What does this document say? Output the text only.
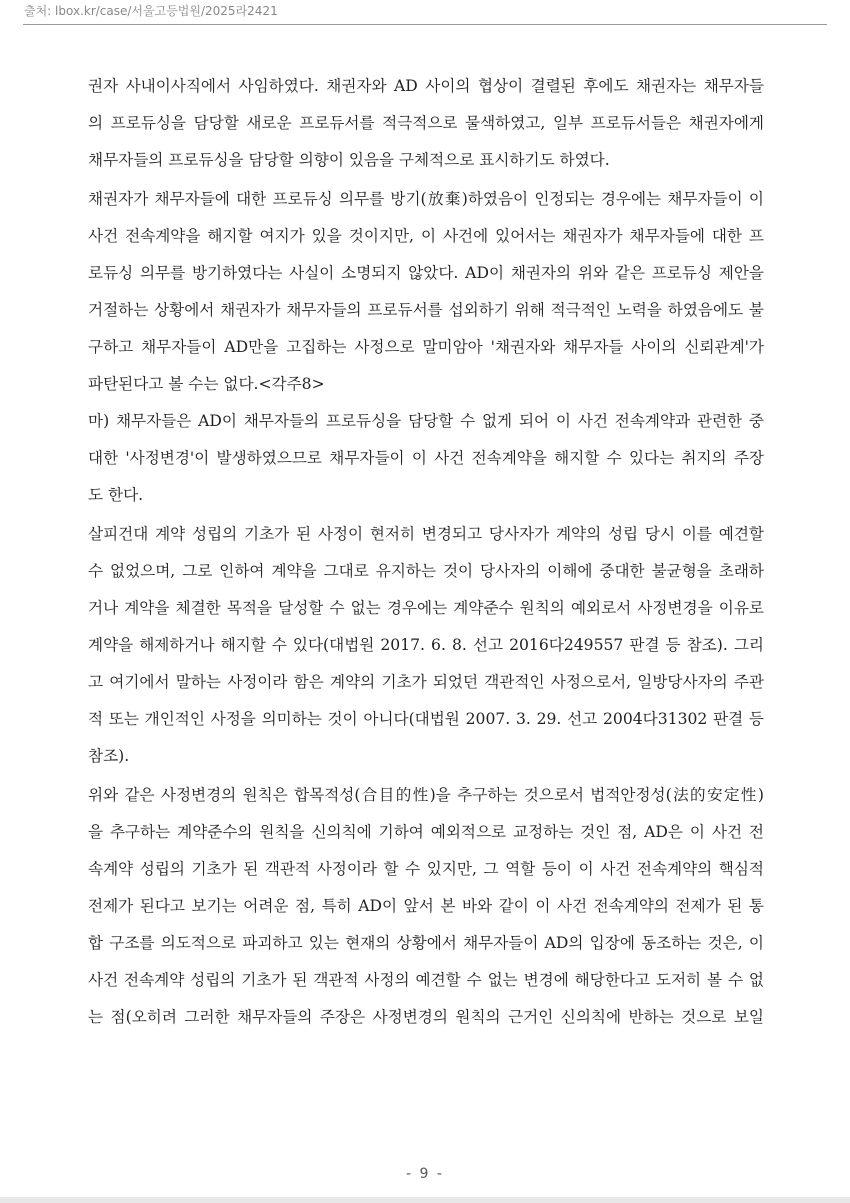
출처: lbox.kr/case/서울고등법원/2025라2421
권자 사내이사직에서 사임하였다. 채권자와 AD 사이의 협상이 결렬된 후에도 채권자는 채무자들
의 프로듀싱을 담당할 새로운 프로듀서를 적극적으로 물색하였고, 일부 프로듀서들은 채권자에게
채무자들의 프로듀싱을 담당할 의향이 있음을 구체적으로 표시하기도 하였다.
채권자가 채무자들에 대한 프로듀싱 의무를 방기(放棄)하였음이 인정되는 경우에는 채무자들이 이
사건 전속계약을 해지할 여지가 있을 것이지만, 이 사건에 있어서는 채권자가 채무자들에 대한 프
로듀싱 의무를 방기하였다는 사실이 소명되지 않았다. AD이 채권자의 위와 같은 프로듀싱 제안을
거절하는 상황에서 채권자가 채무자들의 프로듀서를 섭외하기 위해 적극적인 노력을 하였음에도 불
구하고 채무자들이 AD만을 고집하는 사정으로 말미암아 '채권자와 채무자들 사이의 신뢰관계'가
파탄된다고 볼 수는 없다.<각주8>
마) 채무자들은 AD이 채무자들의 프로듀싱을 담당할 수 없게 되어 이 사건 전속계약과 관련한 중
대한 '사정변경'이 발생하였으므로 채무자들이 이 사건 전속계약을 해지할 수 있다는 취지의 주장
도 한다.
살피건대 계약 성립의 기초가 된 사정이 현저히 변경되고 당사자가 계약의 성립 당시 이를 예견할
수 없었으며, 그로 인하여 계약을 그대로 유지하는 것이 당사자의 이해에 중대한 불균형을 초래하
거나 계약을 체결한 목적을 달성할 수 없는 경우에는 계약준수 원칙의 예외로서 사정변경을 이유로
계약을 해제하거나 해지할 수 있다(대법원 2017. 6. 8. 선고 2016다249557 판결 등 참조). 그리
고 여기에서 말하는 사정이라 함은 계약의 기초가 되었던 객관적인 사정으로서, 일방당사자의 주관
적 또는 개인적인 사정을 의미하는 것이 아니다(대법원 2007. 3. 29. 선고 2004다31302 판결 등
참조).
위와 같은 사정변경의 원칙은 합목적성(合目的性)을 추구하는 것으로서 법적안정성(法的安定性)
을 추구하는 계약준수의 원칙을 신의칙에 기하여 예외적으로 교정하는 것인 점, AD은 이 사건 전
속계약 성립의 기초가 된 객관적 사정이라 할 수 있지만, 그 역할 등이 이 사건 전속계약의 핵심적
전제가 된다고 보기는 어려운 점, 특히 AD이 앞서 본 바와 같이 이 사건 전속계약의 전제가 된 통
합 구조를 의도적으로 파괴하고 있는 현재의 상황에서 채무자들이 AD의 입장에 동조하는 것은, 이
사건 전속계약 성립의 기초가 된 객관적 사정의 예견할 수 없는 변경에 해당한다고 도저히 볼 수 없
는 점(오히려 그러한 채무자들의 주장은 사정변경의 원칙의 근거인 신의칙에 반하는 것으로 보일
- 9 -
